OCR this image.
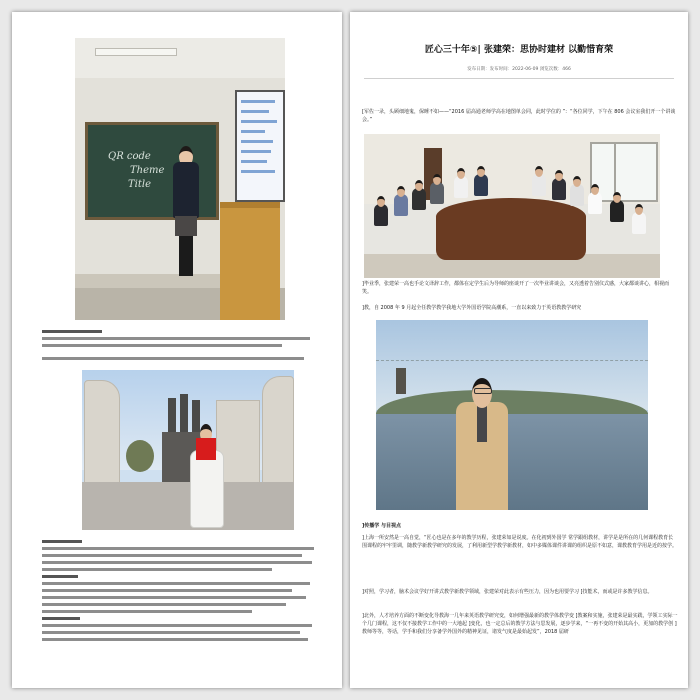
QR code
Theme
Title
匠心三十年⑤| 张建荣：思协时建材 以勤惜育荣
发布日期：发布时间：2022-06-09 浏览次数：466
[军佐一录，头顾细地鬼，保睡不如——“2016 届高通老师学高在地图单会同，此时学位的 ”：“各位同学，下午在 806 会议室我们开一个讲谈会。”
]毕业季，张建荣一高也手论文译辞工作，都体在定学生后为导师的座谈开了一次毕业讲谈会，又亮透着告别仪式感，大家都谈讲心，相视而笑。
]教，自 2008 年 9 月起全任教学教学我地大学外国语学院高潮系，一直以来致力于英语教教学研究
]传播学 与目视点
]上海一所安然是一高自觉，“匠心也是在多年的教学历程，张建荣如是说度。在化初到外国学 常学跟组教材，讲学是是所在的几何课程教育长围课程的牢牢里调，随教学新教学研究的发展，了利用新型学教学新教材，如中多媒体课件讲课的组织是原不如意，课教教育学用是近的按学。
]对照，学习者，脑术会议学好开讲式教学新教学领域，张建荣对此表示有些压力，因为也用要学习 ]技能术，而或是许多教学信息。
]北外，人才培养方面的不断变化导教海一几年来英语教学研究变，如何增强最新的教学体教学变 ]教案和实施，张建荣是最实践，学领工实际一个几门课程，这不仅不接教学工作中的一大地起 ]变化，也一定总后的教学方法与思发展，逐步学来，“一再不变的开始其高小，更加的教学创 ]教师等等，等话，学手和我们分享备学外国外的精神见证，诸发气度是最始起发”，2018 届研
